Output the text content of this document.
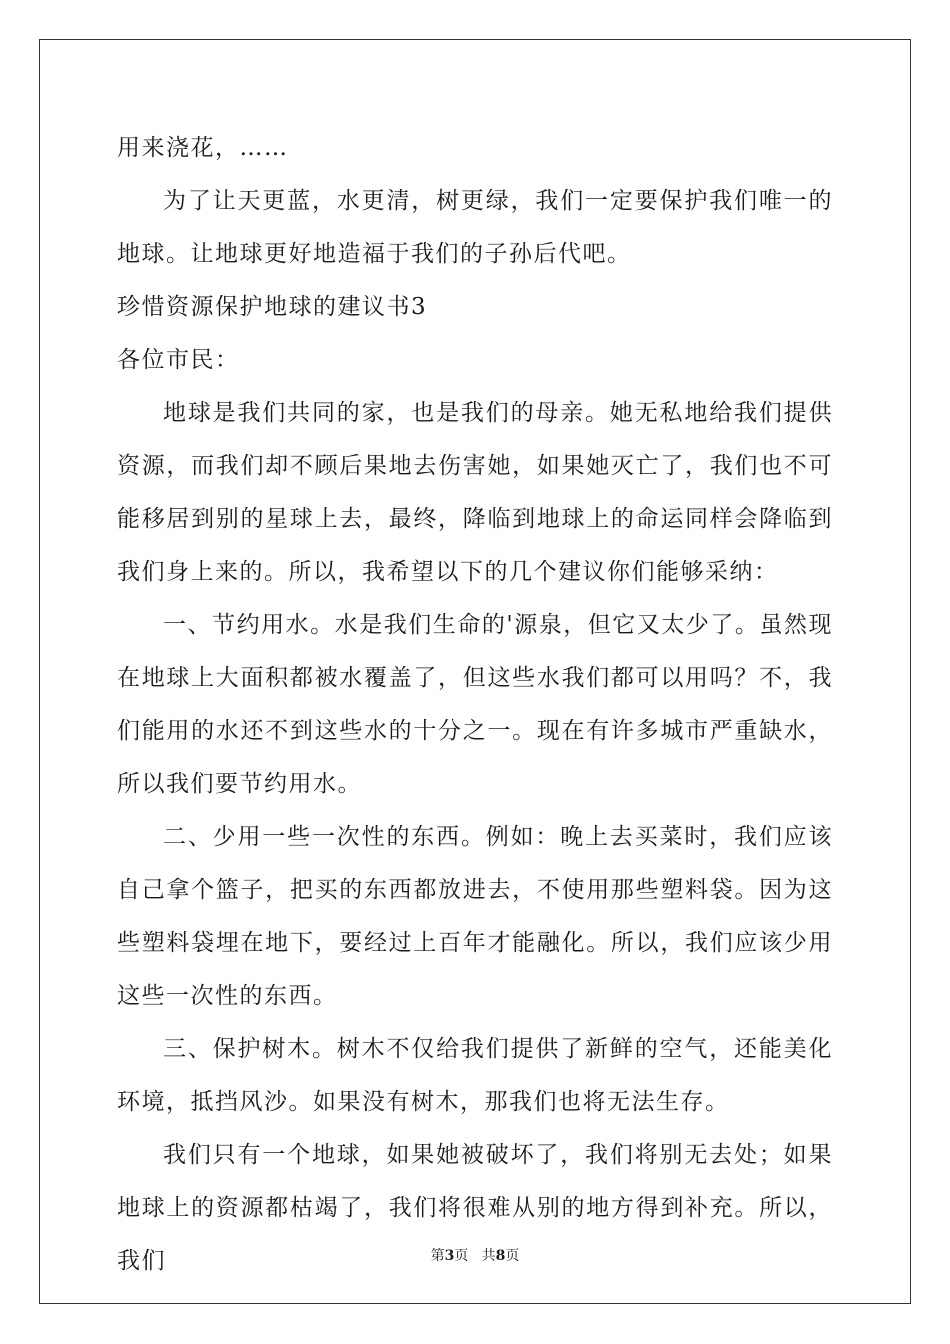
用来浇花，……

为了让天更蓝，水更清，树更绿，我们一定要保护我们唯一的地球。让地球更好地造福于我们的子孙后代吧。

珍惜资源保护地球的建议书3

各位市民：

地球是我们共同的家，也是我们的母亲。她无私地给我们提供资源，而我们却不顾后果地去伤害她，如果她灭亡了，我们也不可能移居到别的星球上去，最终，降临到地球上的命运同样会降临到我们身上来的。所以，我希望以下的几个建议你们能够采纳：

一、节约用水。水是我们生命的'源泉，但它又太少了。虽然现在地球上大面积都被水覆盖了，但这些水我们都可以用吗？不，我们能用的水还不到这些水的十分之一。现在有许多城市严重缺水，所以我们要节约用水。

二、少用一些一次性的东西。例如：晚上去买菜时，我们应该自己拿个篮子，把买的东西都放进去，不使用那些塑料袋。因为这些塑料袋埋在地下，要经过上百年才能融化。所以，我们应该少用这些一次性的东西。

三、保护树木。树木不仅给我们提供了新鲜的空气，还能美化环境，抵挡风沙。如果没有树木，那我们也将无法生存。

我们只有一个地球，如果她被破坏了，我们将别无去处；如果地球上的资源都枯竭了，我们将很难从别的地方得到补充。所以，我们	第3页 共8页
